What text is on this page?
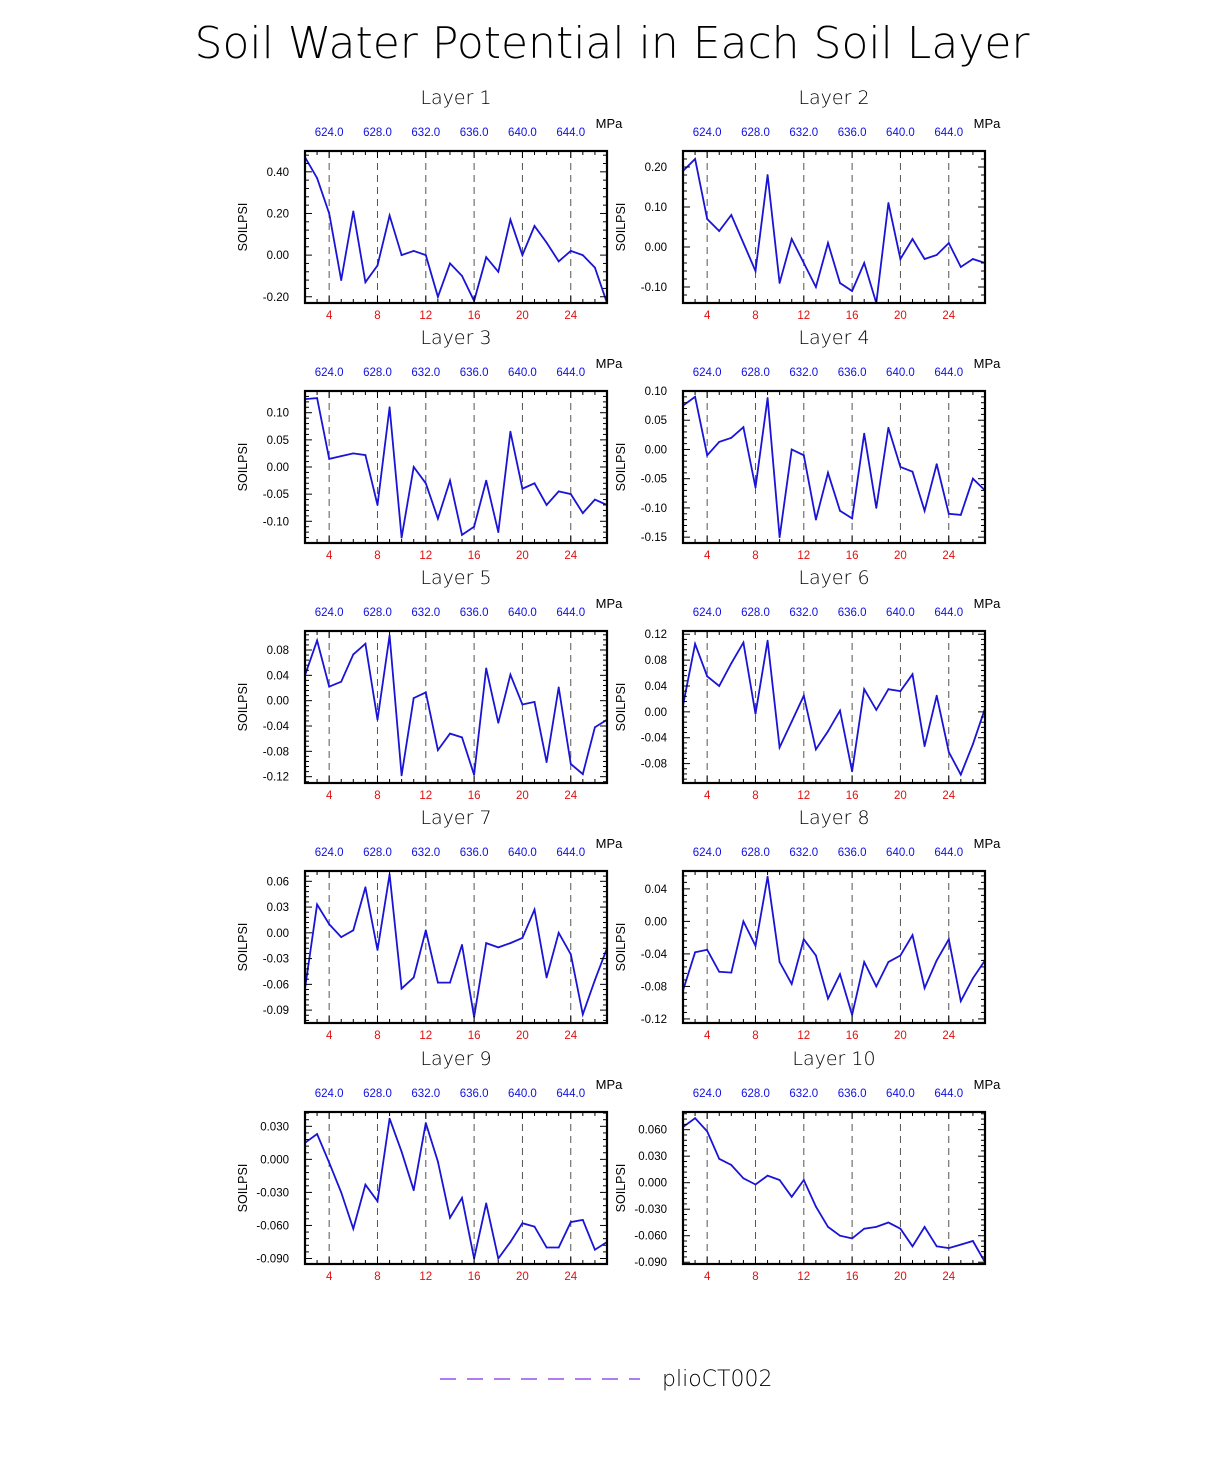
Soil Water Potential in Each Soil Layer
Layer 1
4	8	12	16	20	24
624.0 628.0 632.0 636.0 640.0 644.0
MPa
-0.20
0.00
0.20
0.40
SOILPSI
Layer 2
4	8	12	16	20	24
624.0 628.0 632.0 636.0 640.0 644.0
MPa
-0.10
0.00
0.10
0.20
SOILPSI
Layer 3
4	8	12	16	20	24
624.0 628.0 632.0 636.0 640.0 644.0
MPa
-0.10
-0.05
0.00
0.05
0.10
SOILPSI
Layer 4
4	8	12	16	20	24
624.0 628.0 632.0 636.0 640.0 644.0
MPa
-0.15
-0.10
-0.05
0.00
0.05
0.10
SOILPSI
Layer 5
4	8	12	16	20	24
624.0 628.0 632.0 636.0 640.0 644.0
MPa
-0.12
-0.08
-0.04
0.00
0.04
0.08
SOILPSI
Layer 6
4	8	12	16	20	24
624.0 628.0 632.0 636.0 640.0 644.0
MPa
-0.08
-0.04
0.00
0.04
0.08
0.12
SOILPSI
Layer 7
4	8	12	16	20	24
624.0 628.0 632.0 636.0 640.0 644.0
MPa
-0.09
-0.06
-0.03
0.00
0.03
0.06
SOILPSI
Layer 8
4	8	12	16	20	24
624.0 628.0 632.0 636.0 640.0 644.0
MPa
-0.12
-0.08
-0.04
0.00
0.04
SOILPSI
Layer 9
4	8	12	16	20	24
624.0 628.0 632.0 636.0 640.0 644.0
MPa
-0.090
-0.060
-0.030
0.000
0.030
SOILPSI
Layer 10
4	8	12	16	20	24
624.0 628.0 632.0 636.0 640.0 644.0
MPa
-0.090
-0.060
-0.030
0.000
0.030
0.060
SOILPSI
plioCT002
